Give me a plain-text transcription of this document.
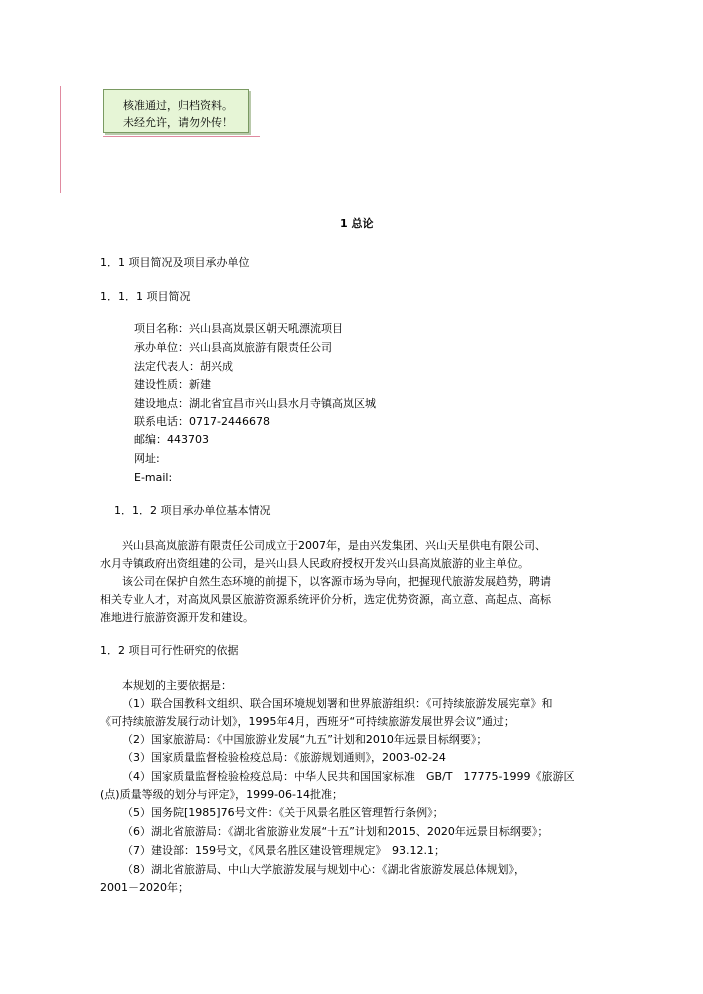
核准通过，归档资料。
未经允许，请勿外传！
1 总论
1．1 项目简况及项目承办单位
1．1．1 项目简况
项目名称：兴山县高岚景区朝天吼漂流项目
承办单位：兴山县高岚旅游有限责任公司
法定代表人：胡兴成
建设性质：新建
建设地点：湖北省宜昌市兴山县水月寺镇高岚区城
联系电话：0717-2446678
邮编：443703
网址:
E-mail:
1．1．2 项目承办单位基本情况
兴山县高岚旅游有限责任公司成立于2007年，是由兴发集团、兴山天星供电有限公司、
水月寺镇政府出资组建的公司，是兴山县人民政府授权开发兴山县高岚旅游的业主单位。
该公司在保护自然生态环境的前提下，以客源市场为导向，把握现代旅游发展趋势，聘请
相关专业人才，对高岚风景区旅游资源系统评价分析，选定优势资源，高立意、高起点、高标
准地进行旅游资源开发和建设。
1．2 项目可行性研究的依据
本规划的主要依据是：
（1）联合国教科文组织、联合国环境规划署和世界旅游组织：《可持续旅游发展宪章》和
《可持续旅游发展行动计划》，1995年4月，西班牙“可持续旅游发展世界会议”通过；
（2）国家旅游局：《中国旅游业发展“九五”计划和2010年远景目标纲要》；
（3）国家质量监督检验检疫总局：《旅游规划通则》，2003-02-24
（4）国家质量监督检验检疫总局：中华人民共和国国家标准　GB/T　17775-1999《旅游区
(点)质量等级的划分与评定》，1999-06-14批准；
（5）国务院[1985]76号文件：《关于风景名胜区管理暂行条例》；
（6）湖北省旅游局：《湖北省旅游业发展“十五”计划和2015、2020年远景目标纲要》；
（7）建设部：159号文，《风景名胜区建设管理规定》　93.12.1；
（8）湖北省旅游局、中山大学旅游发展与规划中心：《湖北省旅游发展总体规划》，
2001－2020年；
